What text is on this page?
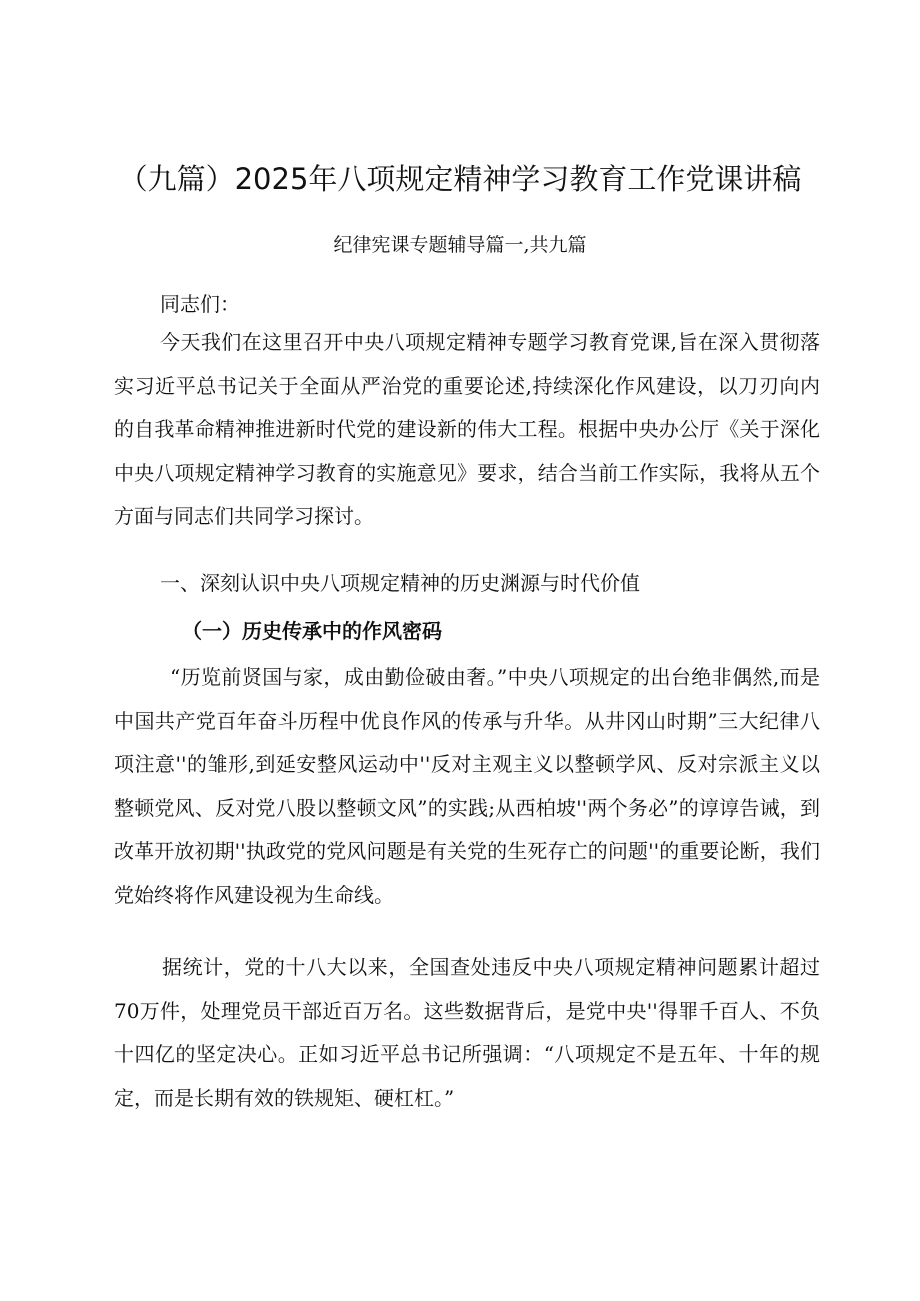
（九篇）2025年八项规定精神学习教育工作党课讲稿

纪律宪课专题辅导篇一,共九篇

同志们：

今天我们在这里召开中央八项规定精神专题学习教育党课,旨在深入贯彻落实习近平总书记关于全面从严治党的重要论述,持续深化作风建设，以刀刃向内的自我革命精神推进新时代党的建设新的伟大工程。根据中央办公厅《关于深化中央八项规定精神学习教育的实施意见》要求，结合当前工作实际，我将从五个方面与同志们共同学习探讨。

一、深刻认识中央八项规定精神的历史渊源与时代价值
（一）历史传承中的作风密码

“历览前贤国与家，成由勤俭破由奢。”中央八项规定的出台绝非偶然,而是中国共产党百年奋斗历程中优良作风的传承与升华。从井冈山时期”三大纪律八项注意''的雏形,到延安整风运动中''反对主观主义以整顿学风、反对宗派主义以整顿党风、反对党八股以整顿文风”的实践;从西柏坡''两个务必”的谆谆告诫，到改革开放初期''执政党的党风问题是有关党的生死存亡的问题''的重要论断，我们党始终将作风建设视为生命线。

据统计，党的十八大以来，全国查处违反中央八项规定精神问题累计超过70万件，处理党员干部近百万名。这些数据背后，是党中央''得罪千百人、不负十四亿的坚定决心。正如习近平总书记所强调：“八项规定不是五年、十年的规定，而是长期有效的铁规矩、硬杠杠。”
